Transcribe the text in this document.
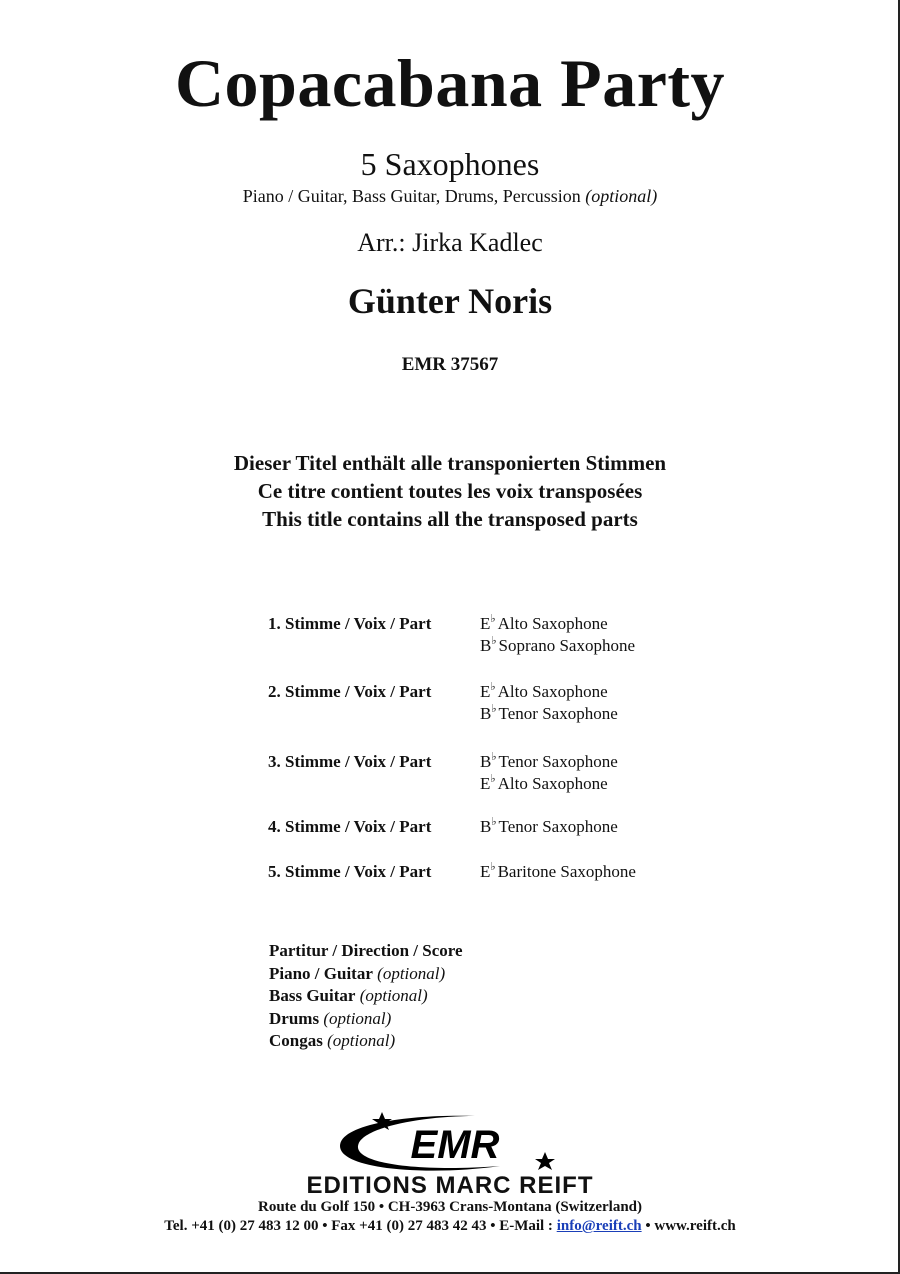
Copacabana Party
5 Saxophones
Piano / Guitar, Bass Guitar, Drums, Percussion (optional)
Arr.: Jirka Kadlec
Günter Noris
EMR 37567
Dieser Titel enthält alle transponierten Stimmen
Ce titre contient toutes les voix transposées
This title contains all the transposed parts
1. Stimme / Voix / Part	E♭ Alto Saxophone
B♭ Soprano Saxophone
2. Stimme / Voix / Part	E♭ Alto Saxophone
B♭ Tenor Saxophone
3. Stimme / Voix / Part	B♭ Tenor Saxophone
E♭ Alto Saxophone
4. Stimme / Voix / Part	B♭ Tenor Saxophone
5. Stimme / Voix / Part	E♭ Baritone Saxophone
Partitur / Direction / Score
Piano / Guitar (optional)
Bass Guitar (optional)
Drums (optional)
Congas (optional)
EMR
EDITIONS MARC REIFT
Route du Golf 150 • CH-3963 Crans-Montana (Switzerland)
Tel. +41 (0) 27 483 12 00 • Fax +41 (0) 27 483 42 43 • E-Mail : info@reift.ch • www.reift.ch
